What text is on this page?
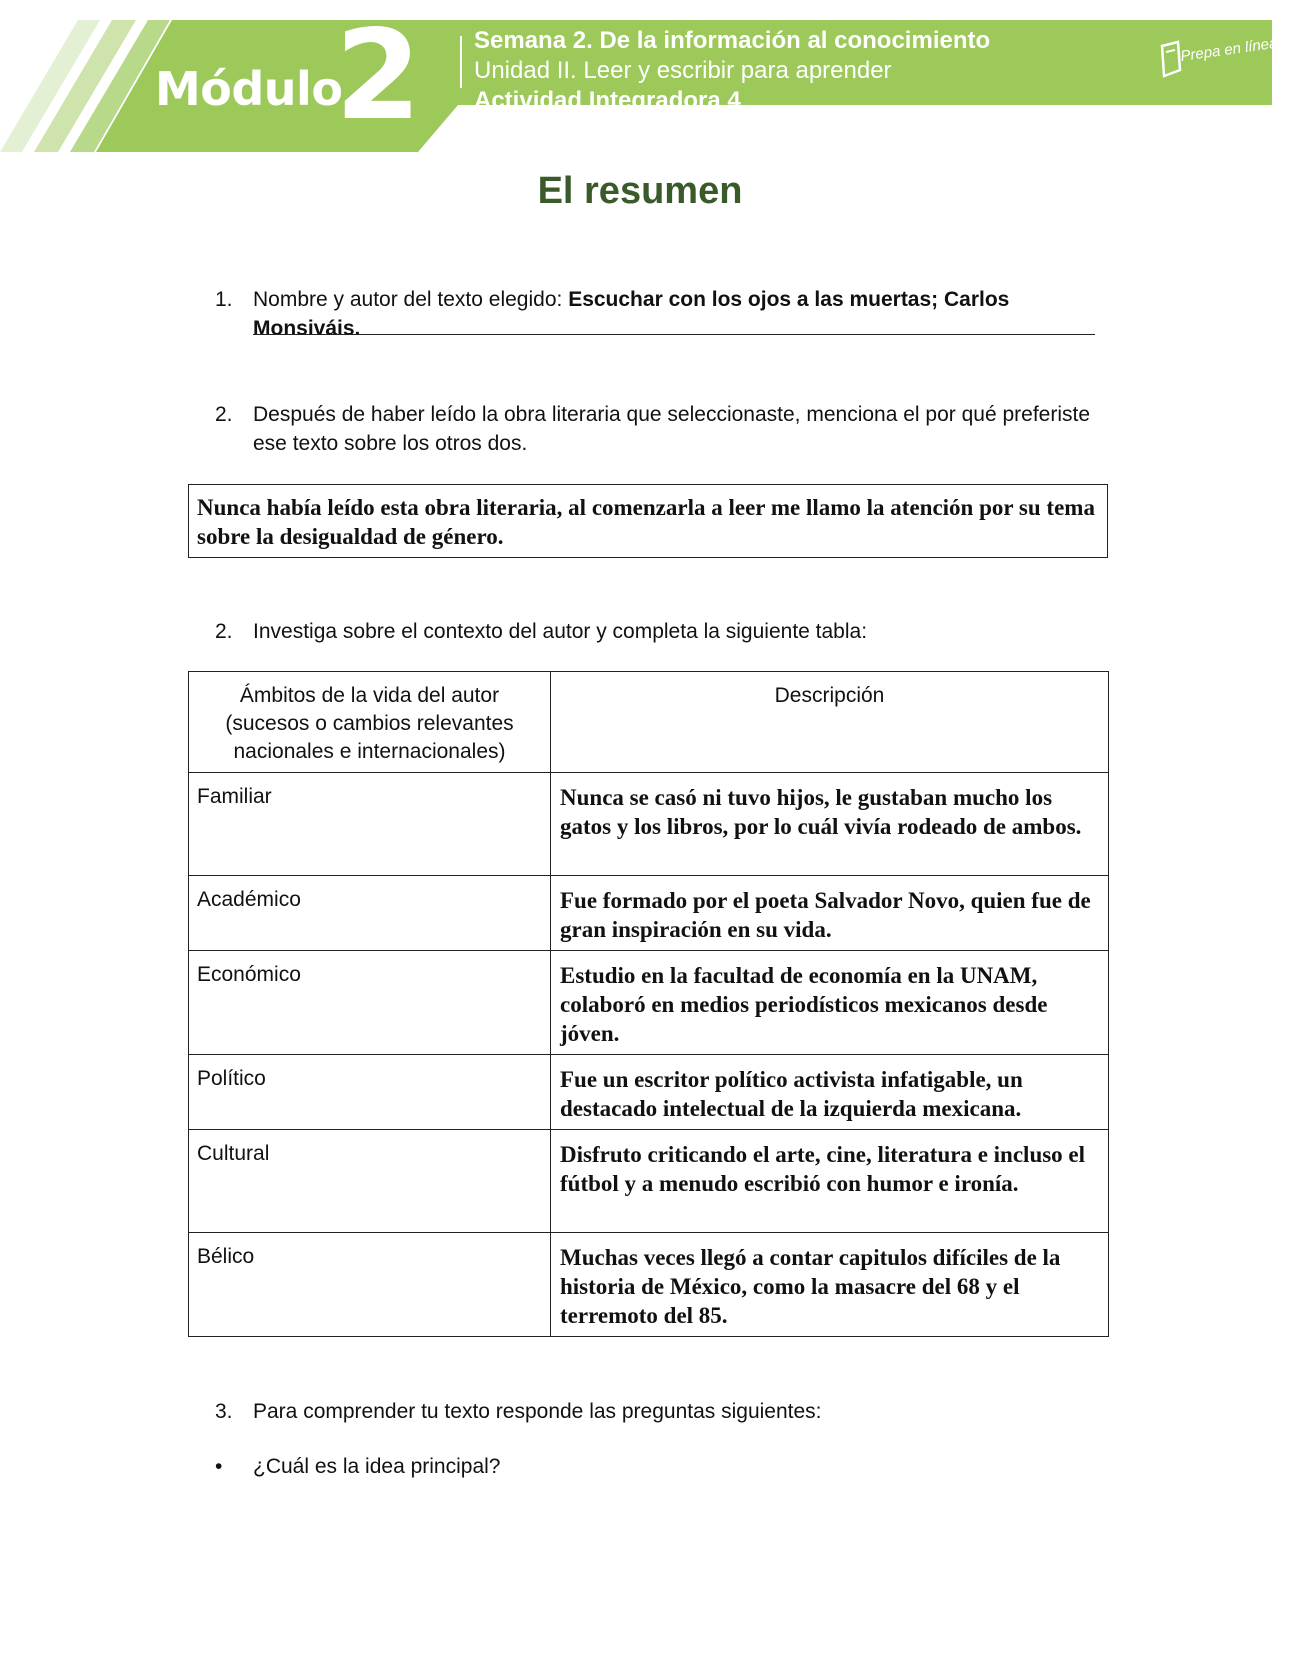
Módulo
2 Semana 2. De la información al conocimiento
Unidad II. Leer y escribir para aprender
Actividad Integradora 4
Prepa en línea SEP
El resumen
1. Nombre y autor del texto elegido: Escuchar con los ojos a las muertas; Carlos Monsiváis.
2. Después de haber leído la obra literaria que seleccionaste, menciona el por qué preferiste ese texto sobre los otros dos.
Nunca había leído esta obra literaria, al comenzarla a leer me llamo la atención por su tema sobre la desigualdad de género.
2. Investiga sobre el contexto del autor y completa la siguiente tabla:
Ámbitos de la vida del autor (sucesos o cambios relevantes nacionales e internacionales)	Descripción
Familiar	Nunca se casó ni tuvo hijos, le gustaban mucho los gatos y los libros, por lo cuál vivía rodeado de ambos.
Académico	Fue formado por el poeta Salvador Novo, quien fue de gran inspiración en su vida.
Económico	Estudio en la facultad de economía en la UNAM, colaboró en medios periodísticos mexicanos desde jóven.
Político	Fue un escritor político activista infatigable, un destacado intelectual de la izquierda mexicana.
Cultural	Disfruto criticando el arte, cine, literatura e incluso el fútbol y a menudo escribió con humor e ironía.
Bélico	Muchas veces llegó a contar capitulos difíciles de la historia de México, como la masacre del 68 y el terremoto del 85.
3. Para comprender tu texto responde las preguntas siguientes:
• ¿Cuál es la idea principal?
